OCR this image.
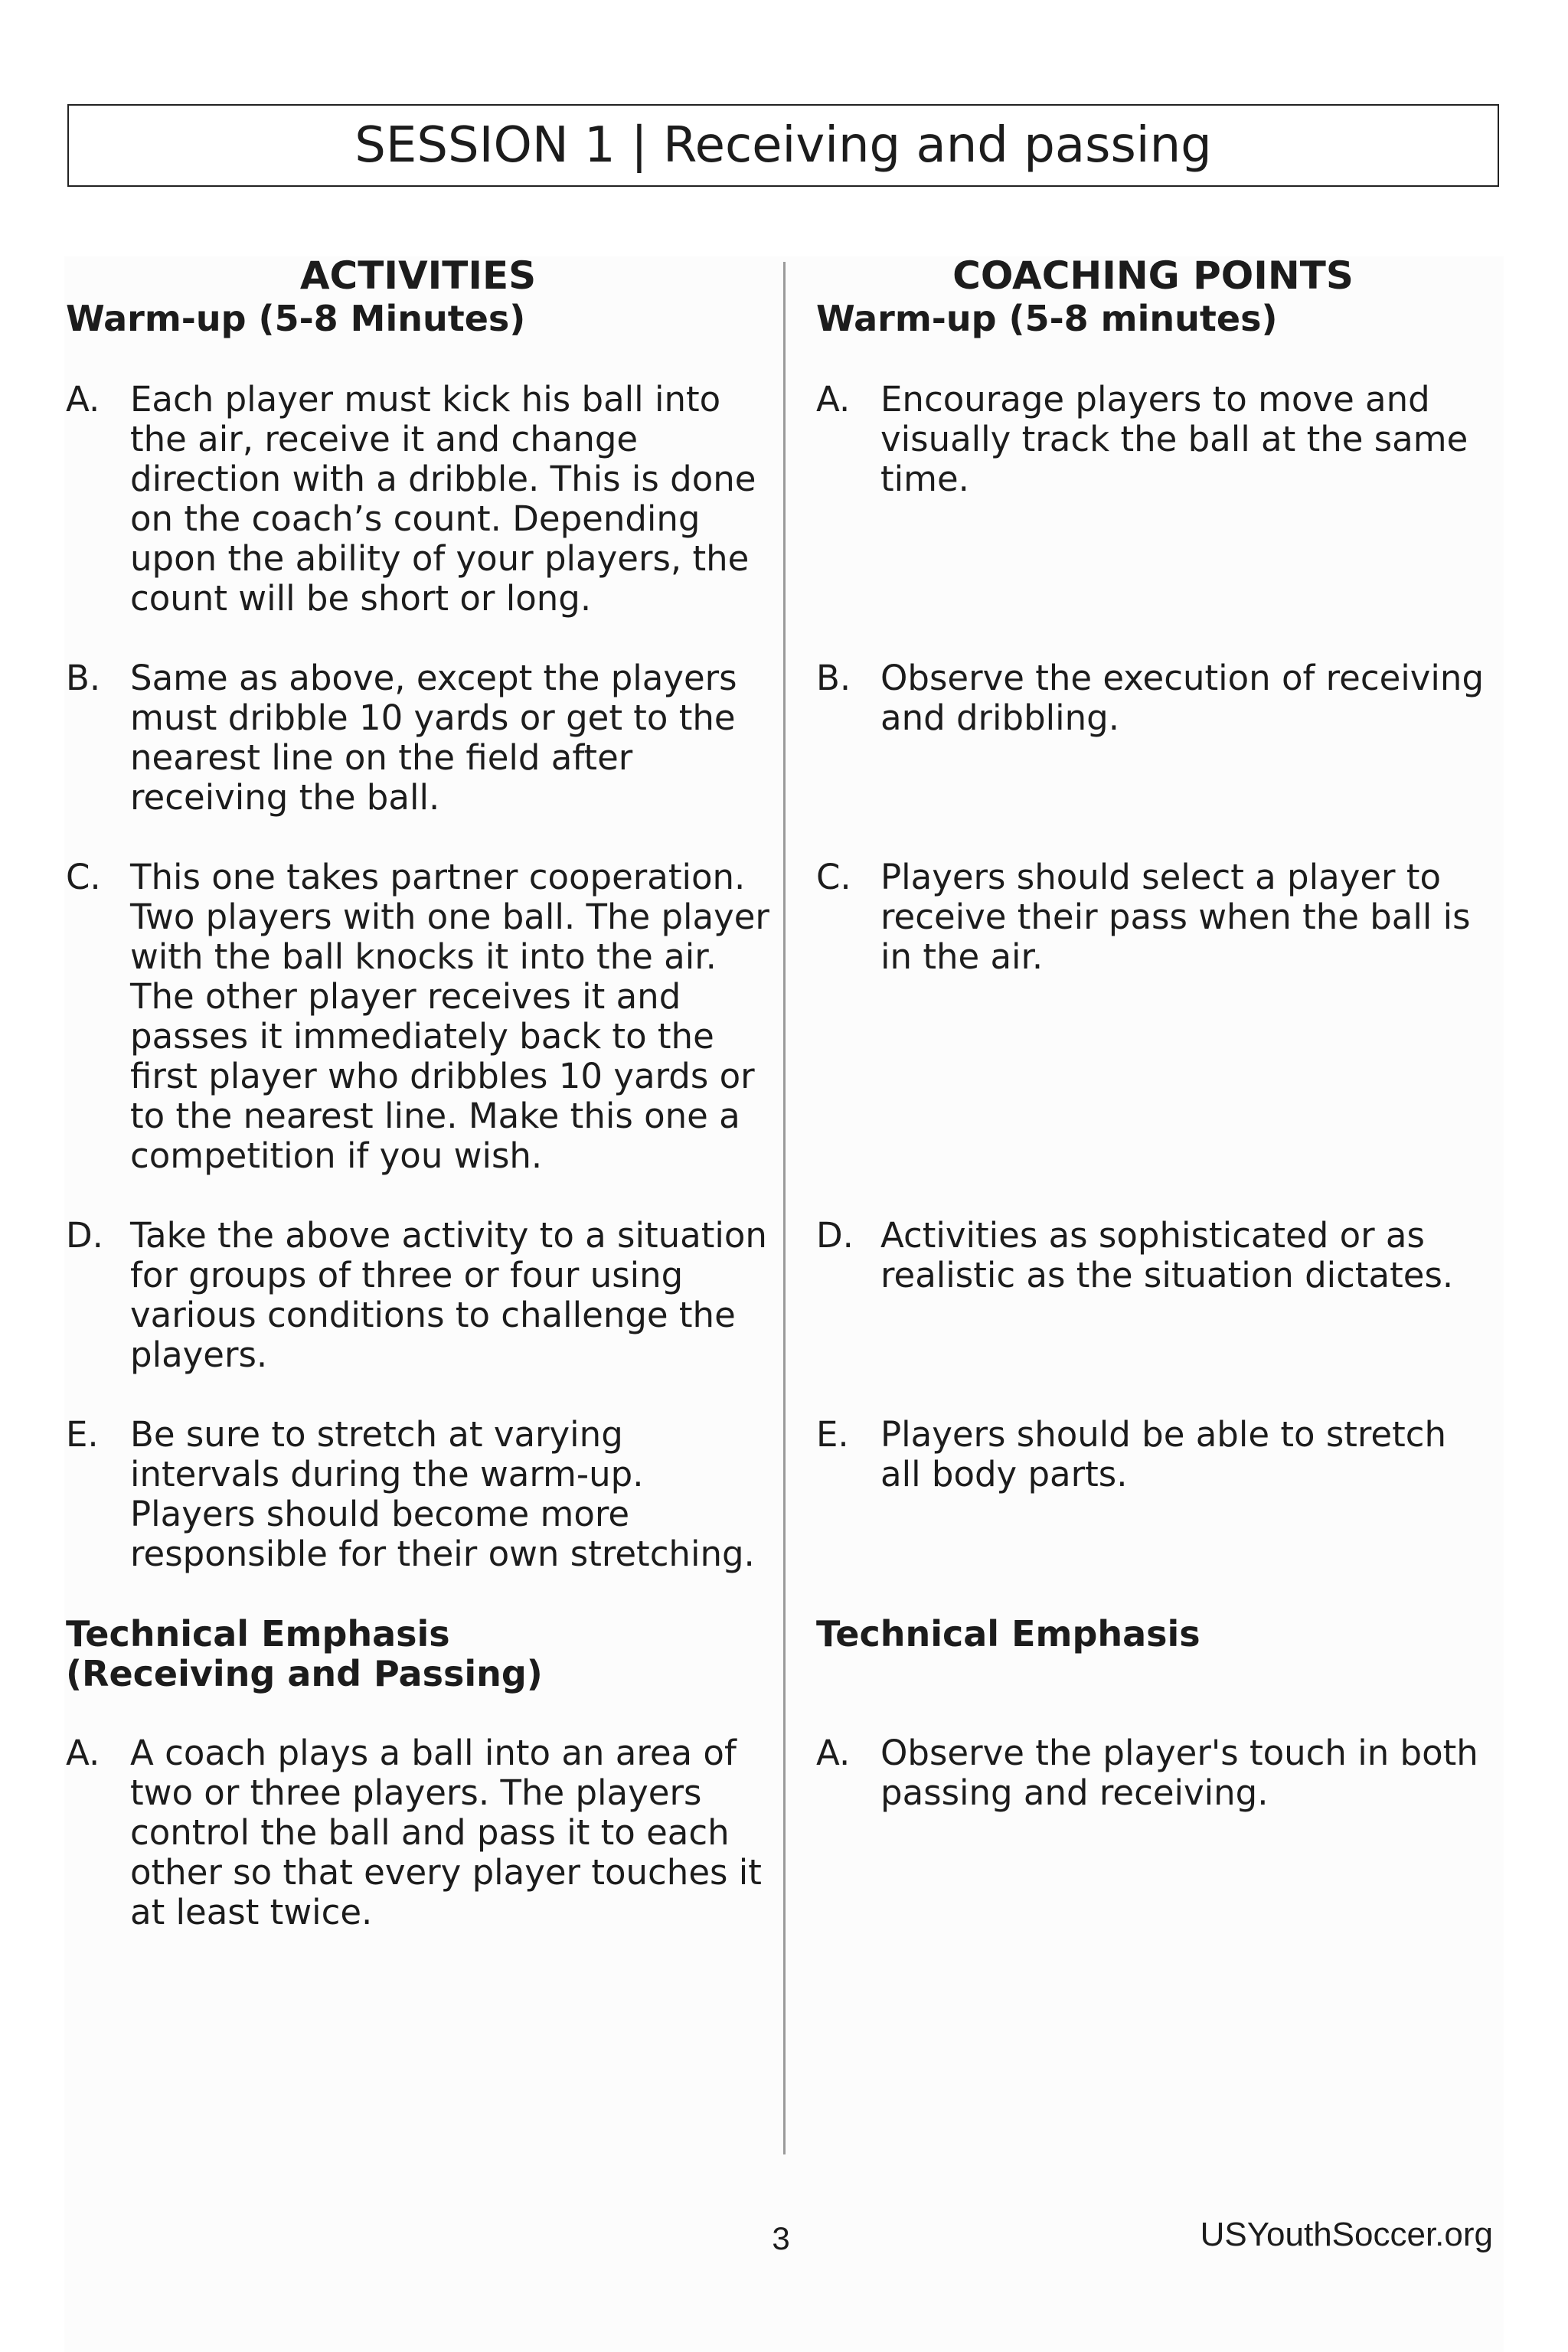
SESSION 1 | Receiving and passing
ACTIVITIES
Warm-up (5-8 Minutes)
A. Each player must kick his ball into the air, receive it and change direction with a dribble. This is done on the coach’s count. Depending upon the ability of your players, the count will be short or long.
B. Same as above, except the players must dribble 10 yards or get to the nearest line on the field after receiving the ball.
C. This one takes partner cooperation. Two players with one ball. The player with the ball knocks it into the air. The other player receives it and passes it immediately back to the first player who dribbles 10 yards or to the nearest line. Make this one a competition if you wish.
D. Take the above activity to a situation for groups of three or four using various conditions to challenge the players.
E. Be sure to stretch at varying intervals during the warm-up. Players should become more responsible for their own stretching.
Technical Emphasis
(Receiving and Passing)
A. A coach plays a ball into an area of two or three players. The players control the ball and pass it to each other so that every player touches it at least twice.
COACHING POINTS
Warm-up (5-8 minutes)
A. Encourage players to move and visually track the ball at the same time.
B. Observe the execution of receiving and dribbling.
C. Players should select a player to receive their pass when the ball is in the air.
D. Activities as sophisticated or as realistic as the situation dictates.
E. Players should be able to stretch all body parts.
Technical Emphasis
A. Observe the player's touch in both passing and receiving.
3	USYouthSoccer.org
